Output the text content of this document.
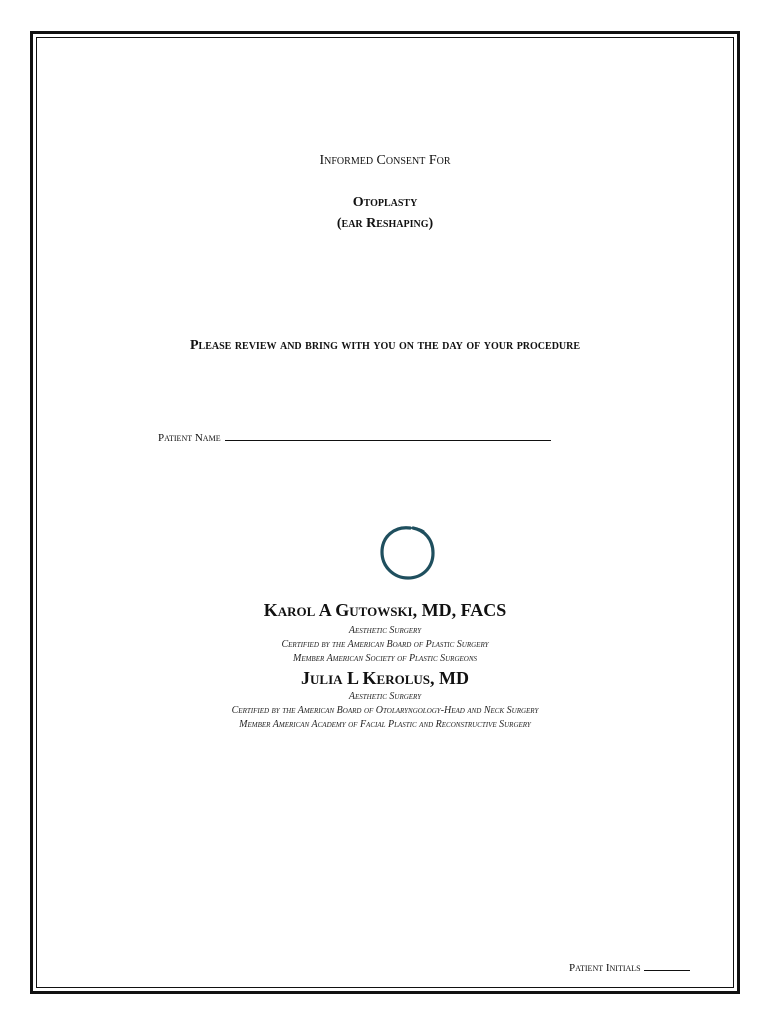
Informed Consent For
Otoplasty
(ear Reshaping)
Please review and bring with you on the day of your procedure
Patient Name
Karol A Gutowski, MD, FACS
Aesthetic Surgery
Certified by the American Board of Plastic Surgery
Member American Society of Plastic Surgeons
Julia L Kerolus, MD
Aesthetic Surgery
Certified by the American Board of Otolaryngology-Head and Neck Surgery
Member American Academy of Facial Plastic and Reconstructive Surgery
Patient Initials
